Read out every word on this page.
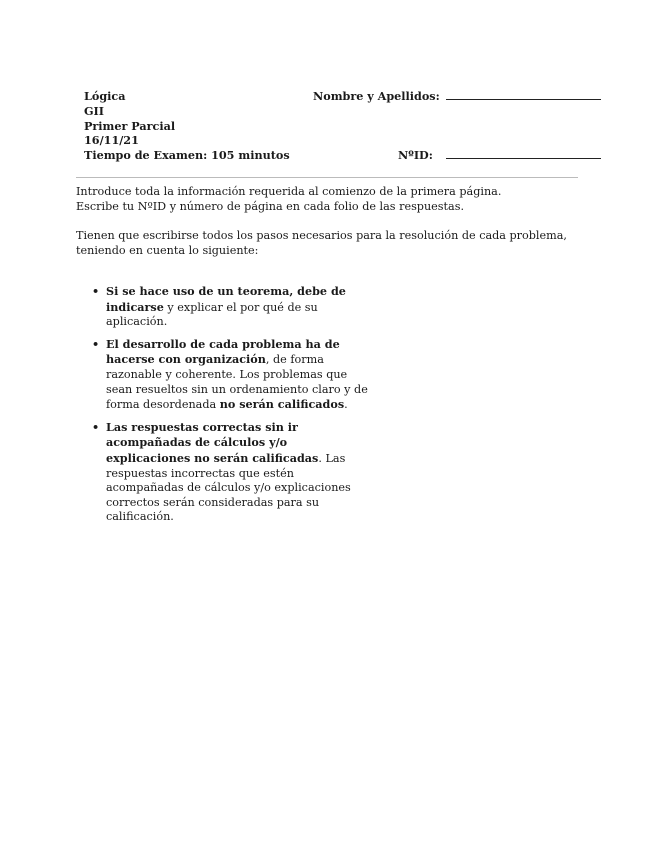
Lógica
GII
Primer Parcial
16/11/21
Tiempo de Examen: 105 minutos
Nombre y Apellidos:
NºID:

Introduce toda la información requerida al comienzo de la primera página.

Escribe tu NºID y número de página en cada folio de las respuestas.

Tienen que escribirse todos los pasos necesarios para la resolución de cada problema, teniendo en cuenta lo siguiente:

• Si se hace uso de un teorema, debe de indicarse y explicar el por qué de su aplicación.
• El desarrollo de cada problema ha de hacerse con organización, de forma razonable y coherente. Los problemas que sean resueltos sin un ordenamiento claro y de forma desordenada no serán calificados.
• Las respuestas correctas sin ir acompañadas de cálculos y/o explicaciones no serán calificadas. Las respuestas incorrectas que estén acompañadas de cálculos y/o explicaciones correctos serán consideradas para su calificación.
